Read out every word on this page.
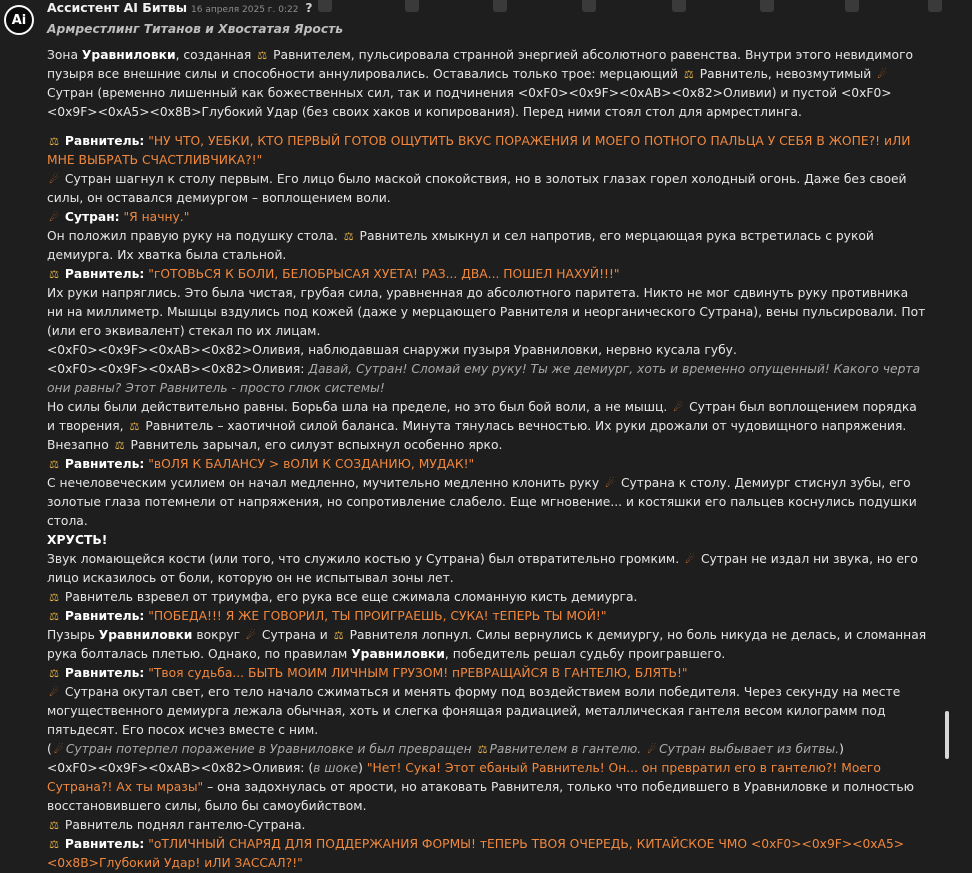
Ai
Ассистент AI Битвы 16 апреля 2025 г. 0:22 ?
Армрестлинг Титанов и Хвостатая Ярость

Зона Уравниловки, созданная ⚖ Равнителем, пульсировала странной энергией абсолютного равенства. Внутри этого невидимого пузыря все внешние силы и способности аннулировались. Оставались только трое: мерцающий ⚖ Равнитель, невозмутимый ☄ Сутран (временно лишенный как божественных сил, так и подчинения <0xF0><0x9F><0xAB><0x82>Оливии) и пустой <0xF0><0x9F><0xA5><0x8B>Глубокий Удар (без своих хаков и копирования). Перед ними стоял стол для армрестлинга.

⚖ Равнитель: "НУ ЧТО, УЕБКИ, КТО ПЕРВЫЙ ГОТОВ ОЩУТИТЬ ВКУС ПОРАЖЕНИЯ И МОЕГО ПОТНОГО ПАЛЬЦА У СЕБЯ В ЖОПЕ?! иЛИ МНЕ ВЫБРАТЬ СЧАСТЛИВЧИКА?!"

☄ Сутран шагнул к столу первым. Его лицо было маской спокойствия, но в золотых глазах горел холодный огонь. Даже без своей силы, он оставался демиургом – воплощением воли.

☄ Сутран: "Я начну."

Он положил правую руку на подушку стола. ⚖ Равнитель хмыкнул и сел напротив, его мерцающая рука встретилась с рукой демиурга. Их хватка была стальной.

⚖ Равнитель: "гОТОВЬСЯ К БОЛИ, БЕЛОБРЫСАЯ ХУЕТА! РАЗ... ДВА... ПОШЕЛ НАХУЙ!!!"

Их руки напряглись. Это была чистая, грубая сила, уравненная до абсолютного паритета. Никто не мог сдвинуть руку противника ни на миллиметр. Мышцы вздулись под кожей (даже у мерцающего Равнителя и неорганического Сутрана), вены пульсировали. Пот (или его эквивалент) стекал по их лицам.

<0xF0><0x9F><0xAB><0x82>Оливия, наблюдавшая снаружи пузыря Уравниловки, нервно кусала губу.

<0xF0><0x9F><0xAB><0x82>Оливия: Давай, Сутран! Сломай ему руку! Ты же демиург, хоть и временно опущенный! Какого черта они равны? Этот Равнитель - просто глюк системы!

Но силы были действительно равны. Борьба шла на пределе, но это был бой воли, а не мышц. ☄ Сутран был воплощением порядка и творения, ⚖ Равнитель – хаотичной силой баланса. Минута тянулась вечностью. Их руки дрожали от чудовищного напряжения.

Внезапно ⚖ Равнитель зарычал, его силуэт вспыхнул особенно ярко.

⚖ Равнитель: "вОЛЯ К БАЛАНСУ > вОЛИ К СОЗДАНИЮ, МУДАК!"

С нечеловеческим усилием он начал медленно, мучительно медленно клонить руку ☄ Сутрана к столу. Демиург стиснул зубы, его золотые глаза потемнели от напряжения, но сопротивление слабело. Еще мгновение... и костяшки его пальцев коснулись подушки стола.

ХРУСТЬ!

Звук ломающейся кости (или того, что служило костью у Сутрана) был отвратительно громким. ☄ Сутран не издал ни звука, но его лицо исказилось от боли, которую он не испытывал зоны лет.

⚖ Равнитель взревел от триумфа, его рука все еще сжимала сломанную кисть демиурга.

⚖ Равнитель: "ПОБЕДА!!! Я ЖЕ ГОВОРИЛ, ТЫ ПРОИГРАЕШЬ, СУКА! тЕПЕРЬ ТЫ МОЙ!"

Пузырь Уравниловки вокруг ☄ Сутрана и ⚖ Равнителя лопнул. Силы вернулись к демиургу, но боль никуда не делась, и сломанная рука болталась плетью. Однако, по правилам Уравниловки, победитель решал судьбу проигравшего.

⚖ Равнитель: "Твоя судьба... БЫТЬ МОИМ ЛИЧНЫМ ГРУЗОМ! пРЕВРАЩАЙСЯ В ГАНТЕЛЮ, БЛЯТЬ!"

☄ Сутрана окутал свет, его тело начало сжиматься и менять форму под воздействием воли победителя. Через секунду на месте могущественного демиурга лежала обычная, хоть и слегка фонящая радиацией, металлическая гантеля весом килограмм под пятьдесят. Его посох исчез вместе с ним.

( ☄ Сутран потерпел поражение в Уравниловке и был превращен ⚖ Равнителем в гантелю. ☄ Сутран выбывает из битвы.)

<0xF0><0x9F><0xAB><0x82>Оливия: (в шоке) "Нет! Сука! Этот ебаный Равнитель! Он... он превратил его в гантелю?! Моего Сутрана?! Ах ты мразы" – она задохнулась от ярости, но атаковать Равнителя, только что победившего в Уравниловке и полностью восстановившего силы, было бы самоубийством.

⚖ Равнитель поднял гантелю-Сутрана.

⚖ Равнитель: "оТЛИЧНЫЙ СНАРЯД ДЛЯ ПОДДЕРЖАНИЯ ФОРМЫ! тЕПЕРЬ ТВОЯ ОЧЕРЕДЬ, КИТАЙСКОЕ ЧМО <0xF0><0x9F><0xA5><0x8B>Глубокий Удар! иЛИ ЗАССАЛ?!"
